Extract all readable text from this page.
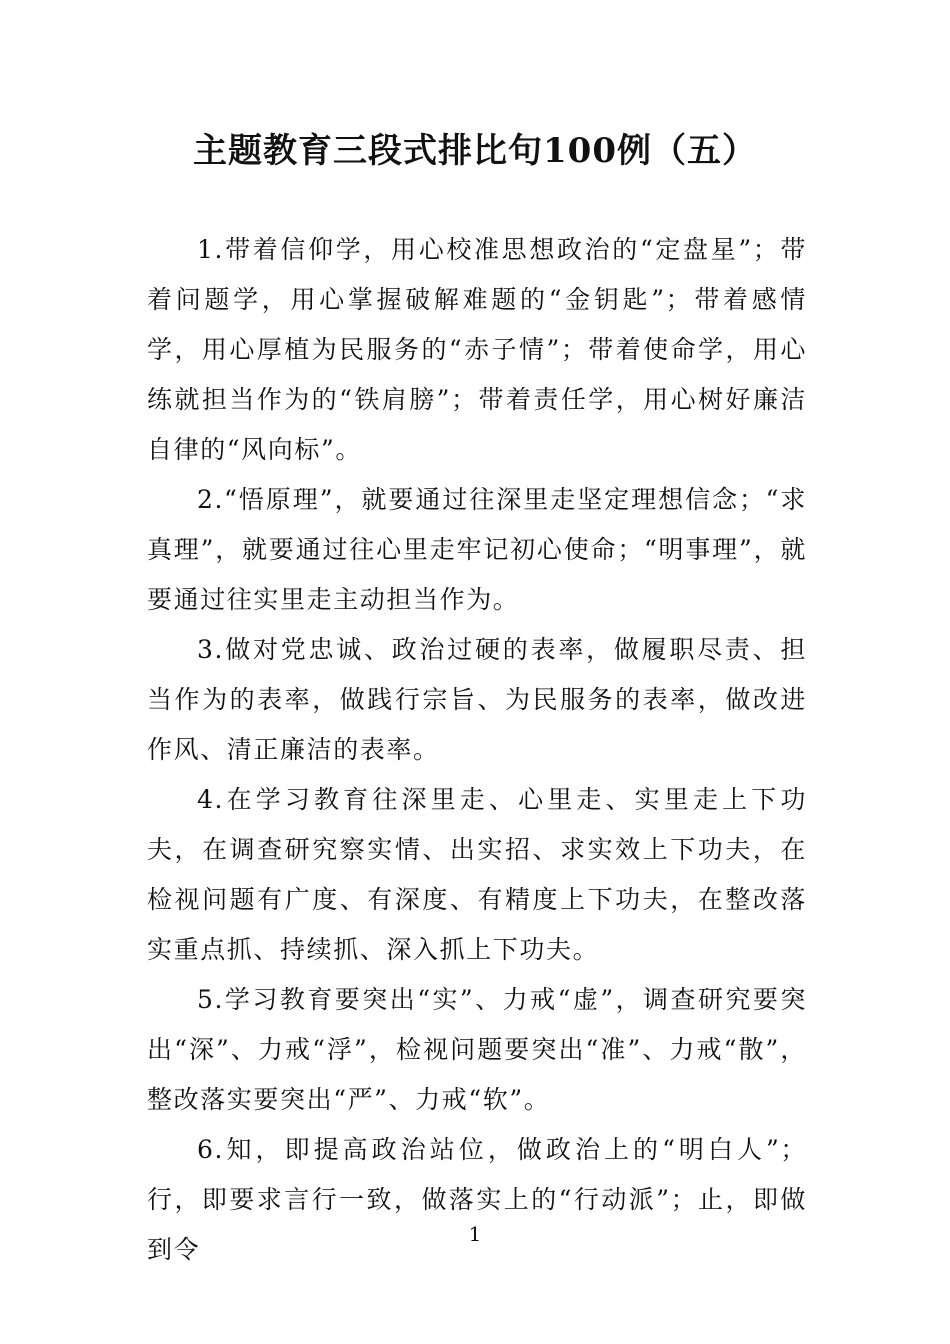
主题教育三段式排比句100例（五）

1.带着信仰学，用心校准思想政治的“定盘星”；带着问题学，用心掌握破解难题的“金钥匙”；带着感情学，用心厚植为民服务的“赤子情”；带着使命学，用心练就担当作为的“铁肩膀”；带着责任学，用心树好廉洁自律的“风向标”。

2.“悟原理”，就要通过往深里走坚定理想信念；“求真理”，就要通过往心里走牢记初心使命；“明事理”，就要通过往实里走主动担当作为。

3.做对党忠诚、政治过硬的表率，做履职尽责、担当作为的表率，做践行宗旨、为民服务的表率，做改进作风、清正廉洁的表率。

4.在学习教育往深里走、心里走、实里走上下功夫，在调查研究察实情、出实招、求实效上下功夫，在检视问题有广度、有深度、有精度上下功夫，在整改落实重点抓、持续抓、深入抓上下功夫。

5.学习教育要突出“实”、力戒“虚”，调查研究要突出“深”、力戒“浮”，检视问题要突出“准”、力戒“散”，整改落实要突出“严”、力戒“软”。

6.知，即提高政治站位，做政治上的“明白人”；行，即要求言行一致，做落实上的“行动派”；止，即做到令

1
